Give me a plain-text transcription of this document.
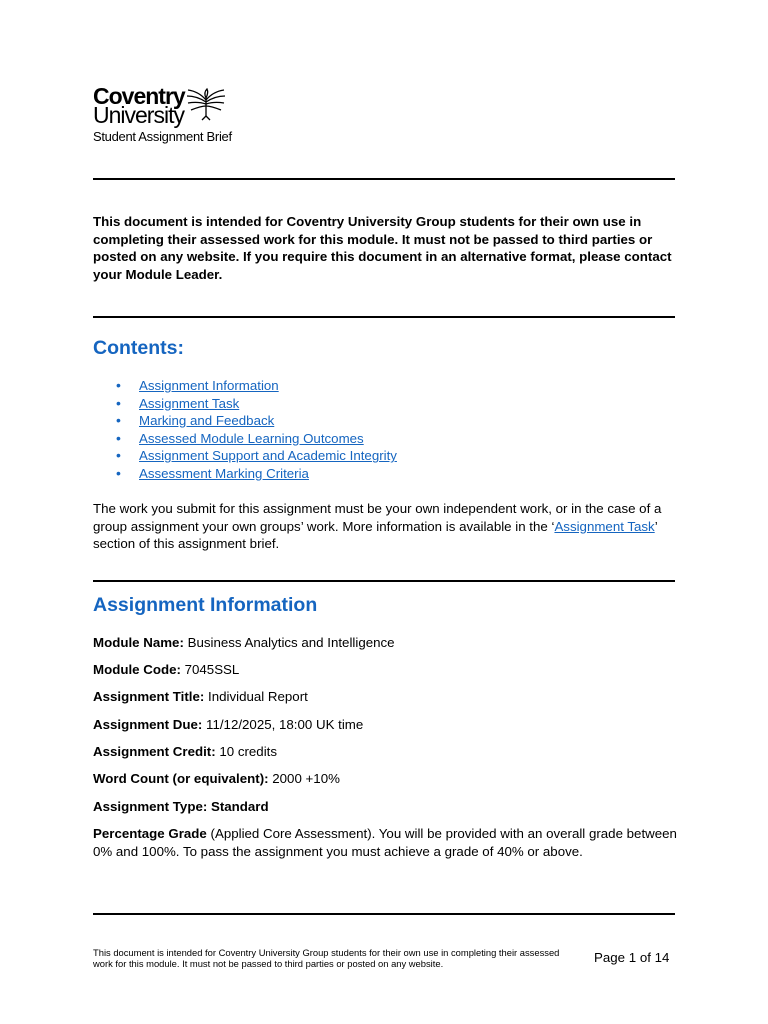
Coventry
University
Student Assignment Brief
This document is intended for Coventry University Group students for their own use in completing their assessed work for this module. It must not be passed to third parties or posted on any website. If you require this document in an alternative format, please contact your Module Leader.
Contents:
• Assignment Information
• Assignment Task
• Marking and Feedback
• Assessed Module Learning Outcomes
• Assignment Support and Academic Integrity
• Assessment Marking Criteria
The work you submit for this assignment must be your own independent work, or in the case of a group assignment your own groups’ work. More information is available in the ‘Assignment Task’ section of this assignment brief.
Assignment Information
Module Name: Business Analytics and Intelligence
Module Code: 7045SSL
Assignment Title: Individual Report
Assignment Due: 11/12/2025, 18:00 UK time
Assignment Credit: 10 credits
Word Count (or equivalent): 2000 +10%
Assignment Type: Standard
Percentage Grade (Applied Core Assessment). You will be provided with an overall grade between 0% and 100%. To pass the assignment you must achieve a grade of 40% or above.
This document is intended for Coventry University Group students for their own use in completing their assessed work for this module. It must not be passed to third parties or posted on any website.	Page 1 of 14
